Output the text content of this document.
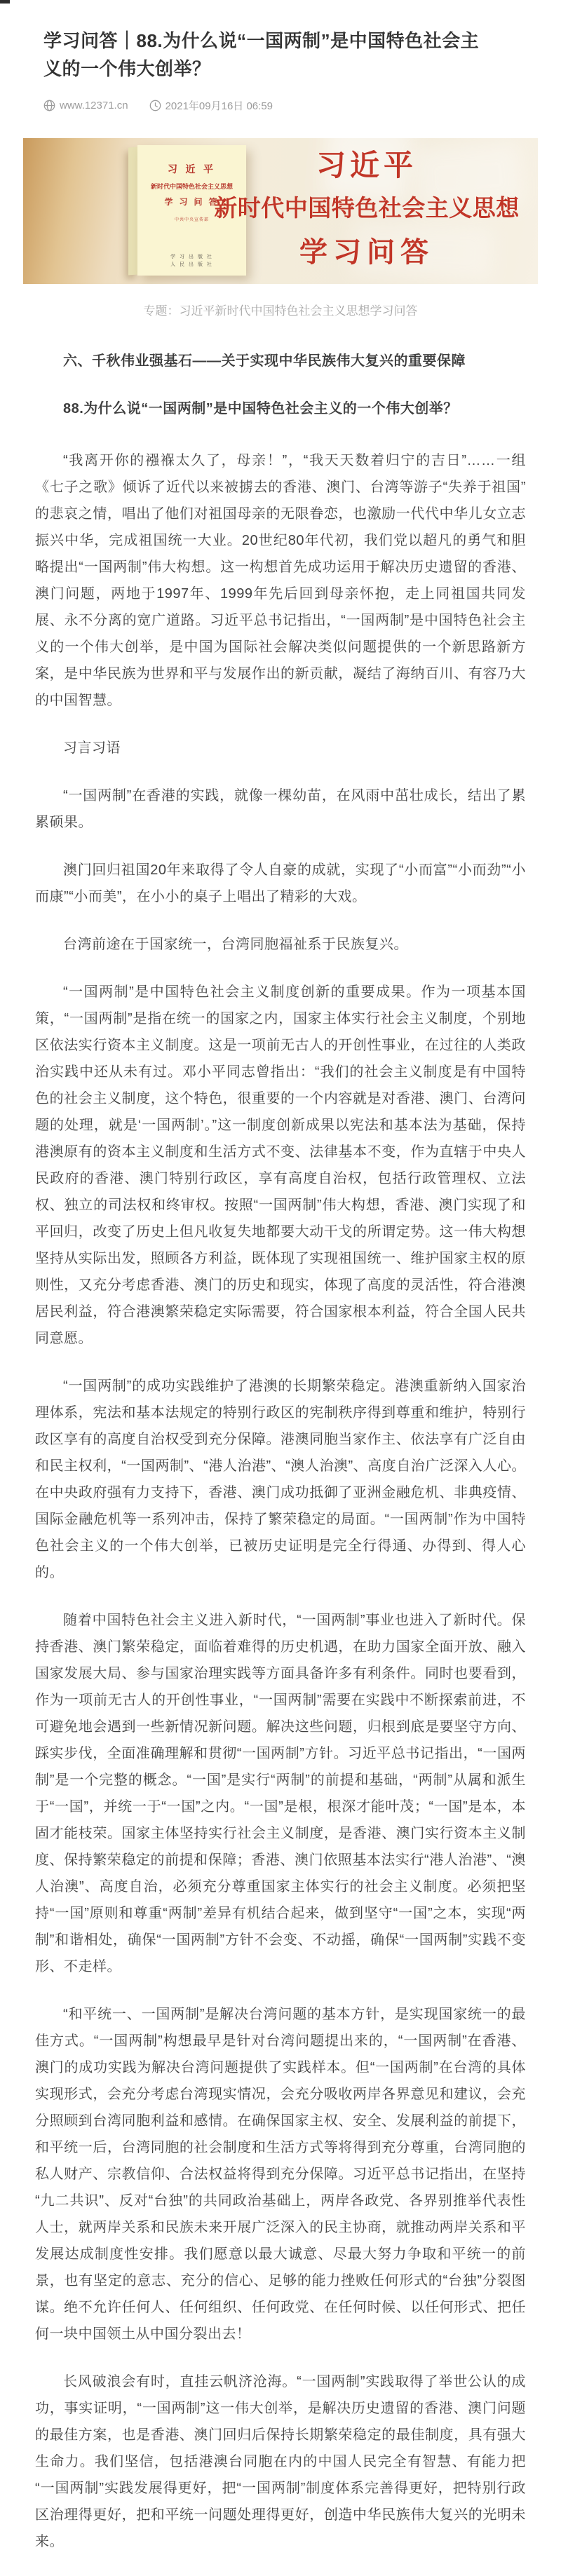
学习问答｜88.为什么说“一国两制”是中国特色社会主义的一个伟大创举？
www.12371.cn	2021年09月16日 06:59
习 近 平
新时代中国特色社会主义思想
学 习 问 答
中共中央宣传部
学 习 出 版 社
人 民 出 版 社
习近平
新时代中国特色社会主义思想
学习问答
专题：习近平新时代中国特色社会主义思想学习问答
六、千秋伟业强基石——关于实现中华民族伟大复兴的重要保障
88.为什么说“一国两制”是中国特色社会主义的一个伟大创举？

“我离开你的襁褓太久了，母亲！”，“我天天数着归宁的吉日”……一组《七子之歌》倾诉了近代以来被掳去的香港、澳门、台湾等游子“失养于祖国”的悲哀之情，唱出了他们对祖国母亲的无限眷恋，也激励一代代中华儿女立志振兴中华，完成祖国统一大业。20世纪80年代初，我们党以超凡的勇气和胆略提出“一国两制”伟大构想。这一构想首先成功运用于解决历史遗留的香港、澳门问题，两地于1997年、1999年先后回到母亲怀抱，走上同祖国共同发展、永不分离的宽广道路。习近平总书记指出，“一国两制”是中国特色社会主义的一个伟大创举，是中国为国际社会解决类似问题提供的一个新思路新方案，是中华民族为世界和平与发展作出的新贡献，凝结了海纳百川、有容乃大的中国智慧。

习言习语

“一国两制”在香港的实践，就像一棵幼苗，在风雨中茁壮成长，结出了累累硕果。

澳门回归祖国20年来取得了令人自豪的成就，实现了“小而富”“小而劲”“小而康”“小而美”，在小小的桌子上唱出了精彩的大戏。

台湾前途在于国家统一，台湾同胞福祉系于民族复兴。

“一国两制”是中国特色社会主义制度创新的重要成果。作为一项基本国策，“一国两制”是指在统一的国家之内，国家主体实行社会主义制度，个别地区依法实行资本主义制度。这是一项前无古人的开创性事业，在过往的人类政治实践中还从未有过。邓小平同志曾指出：“我们的社会主义制度是有中国特色的社会主义制度，这个特色，很重要的一个内容就是对香港、澳门、台湾问题的处理，就是‘一国两制’。”这一制度创新成果以宪法和基本法为基础，保持港澳原有的资本主义制度和生活方式不变、法律基本不变，作为直辖于中央人民政府的香港、澳门特别行政区，享有高度自治权，包括行政管理权、立法权、独立的司法权和终审权。按照“一国两制”伟大构想，香港、澳门实现了和平回归，改变了历史上但凡收复失地都要大动干戈的所谓定势。这一伟大构想坚持从实际出发，照顾各方利益，既体现了实现祖国统一、维护国家主权的原则性，又充分考虑香港、澳门的历史和现实，体现了高度的灵活性，符合港澳居民利益，符合港澳繁荣稳定实际需要，符合国家根本利益，符合全国人民共同意愿。

“一国两制”的成功实践维护了港澳的长期繁荣稳定。港澳重新纳入国家治理体系，宪法和基本法规定的特别行政区的宪制秩序得到尊重和维护，特别行政区享有的高度自治权受到充分保障。港澳同胞当家作主、依法享有广泛自由和民主权利，“一国两制”、“港人治港”、“澳人治澳”、高度自治广泛深入人心。在中央政府强有力支持下，香港、澳门成功抵御了亚洲金融危机、非典疫情、国际金融危机等一系列冲击，保持了繁荣稳定的局面。“一国两制”作为中国特色社会主义的一个伟大创举，已被历史证明是完全行得通、办得到、得人心的。

随着中国特色社会主义进入新时代，“一国两制”事业也进入了新时代。保持香港、澳门繁荣稳定，面临着难得的历史机遇，在助力国家全面开放、融入国家发展大局、参与国家治理实践等方面具备许多有利条件。同时也要看到，作为一项前无古人的开创性事业，“一国两制”需要在实践中不断探索前进，不可避免地会遇到一些新情况新问题。解决这些问题，归根到底是要坚守方向、踩实步伐，全面准确理解和贯彻“一国两制”方针。习近平总书记指出，“一国两制”是一个完整的概念。“一国”是实行“两制”的前提和基础，“两制”从属和派生于“一国”，并统一于“一国”之内。“一国”是根，根深才能叶茂；“一国”是本，本固才能枝荣。国家主体坚持实行社会主义制度，是香港、澳门实行资本主义制度、保持繁荣稳定的前提和保障；香港、澳门依照基本法实行“港人治港”、“澳人治澳”、高度自治，必须充分尊重国家主体实行的社会主义制度。必须把坚持“一国”原则和尊重“两制”差异有机结合起来，做到坚守“一国”之本，实现“两制”和谐相处，确保“一国两制”方针不会变、不动摇，确保“一国两制”实践不变形、不走样。

“和平统一、一国两制”是解决台湾问题的基本方针，是实现国家统一的最佳方式。“一国两制”构想最早是针对台湾问题提出来的，“一国两制”在香港、澳门的成功实践为解决台湾问题提供了实践样本。但“一国两制”在台湾的具体实现形式，会充分考虑台湾现实情况，会充分吸收两岸各界意见和建议，会充分照顾到台湾同胞利益和感情。在确保国家主权、安全、发展利益的前提下，和平统一后，台湾同胞的社会制度和生活方式等将得到充分尊重，台湾同胞的私人财产、宗教信仰、合法权益将得到充分保障。习近平总书记指出，在坚持“九二共识”、反对“台独”的共同政治基础上，两岸各政党、各界别推举代表性人士，就两岸关系和民族未来开展广泛深入的民主协商，就推动两岸关系和平发展达成制度性安排。我们愿意以最大诚意、尽最大努力争取和平统一的前景，也有坚定的意志、充分的信心、足够的能力挫败任何形式的“台独”分裂图谋。绝不允许任何人、任何组织、任何政党、在任何时候、以任何形式、把任何一块中国领土从中国分裂出去！

长风破浪会有时，直挂云帆济沧海。“一国两制”实践取得了举世公认的成功，事实证明，“一国两制”这一伟大创举，是解决历史遗留的香港、澳门问题的最佳方案，也是香港、澳门回归后保持长期繁荣稳定的最佳制度，具有强大生命力。我们坚信，包括港澳台同胞在内的中国人民完全有智慧、有能力把“一国两制”实践发展得更好，把“一国两制”制度体系完善得更好，把特别行政区治理得更好，把和平统一问题处理得更好，创造中华民族伟大复兴的光明未来。
